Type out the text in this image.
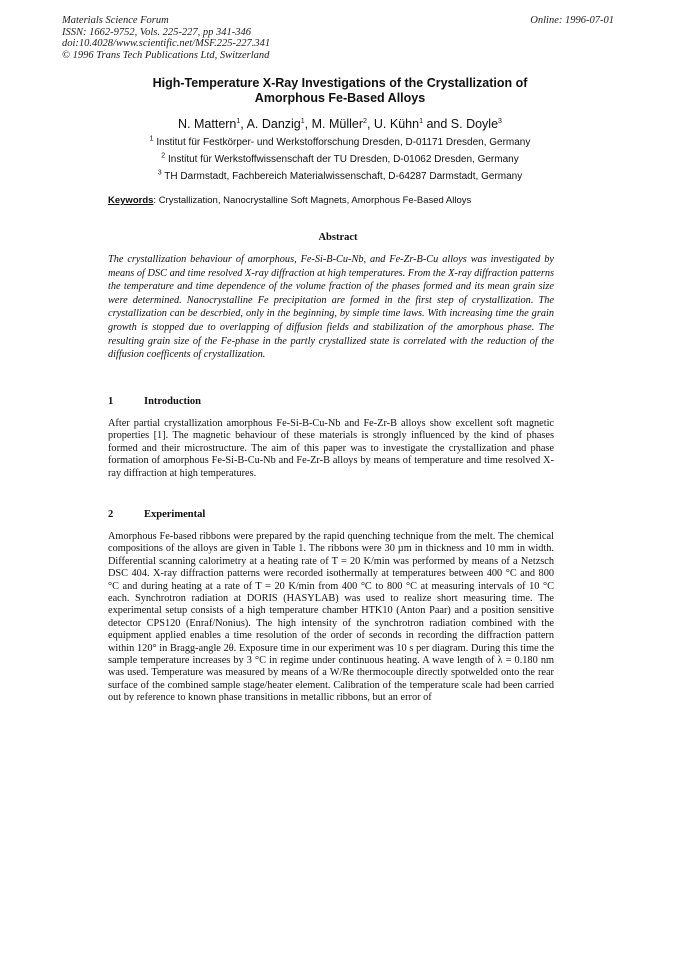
Materials Science Forum
ISSN: 1662-9752, Vols. 225-227, pp 341-346
doi:10.4028/www.scientific.net/MSF.225-227.341
© 1996 Trans Tech Publications Ltd, Switzerland
Online: 1996-07-01
High-Temperature X-Ray Investigations of the Crystallization of
Amorphous Fe-Based Alloys
N. Mattern$^1$, A. Danzig$^1$, M. Müller$^2$, U. Kühn$^1$ and S. Doyle$^3$
$^1$ Institut für Festkörper- und Werkstofforschung Dresden, D-01171 Dresden, Germany
$^2$ Institut für Werkstoffwissenschaft der TU Dresden, D-01062 Dresden, Germany
$^3$ TH Darmstadt, Fachbereich Materialwissenschaft, D-64287 Darmstadt, Germany
Keywords: Crystallization, Nanocrystalline Soft Magnets, Amorphous Fe-Based Alloys
Abstract
The crystallization behaviour of amorphous, Fe-Si-B-Cu-Nb, and Fe-Zr-B-Cu alloys was investigated by means of DSC and time resolved X-ray diffraction at high temperatures. From the X-ray diffraction patterns the temperature and time dependence of the volume fraction of the phases formed and its mean grain size were determined. Nanocrystalline Fe precipitation are formed in the first step of crystallization. The crystallization can be descrbied, only in the beginning, by simple time laws. With increasing time the grain growth is stopped due to overlapping of diffusion fields and stabilization of the amorphous phase. The resulting grain size of the Fe-phase in the partly crystallized state is correlated with the reduction of the diffusion coefficents of crystallization.
1	Introduction
After partial crystallization amorphous Fe-Si-B-Cu-Nb and Fe-Zr-B alloys show excellent soft magnetic properties [1]. The magnetic behaviour of these materials is strongly influenced by the kind of phases formed and their microstructure. The aim of this paper was to investigate the crystallization and phase formation of amorphous Fe-Si-B-Cu-Nb and Fe-Zr-B alloys by means of temperature and time resolved X-ray diffraction at high temperatures.
2	Experimental
Amorphous Fe-based ribbons were prepared by the rapid quenching technique from the melt. The chemical compositions of the alloys are given in Table 1. The ribbons were 30 µm in thickness and 10 mm in width. Differential scanning calorimetry at a heating rate of T = 20 K/min was performed by means of a Netzsch DSC 404. X-ray diffraction patterns were recorded isothermally at temperatures between 400 °C and 800 °C and during heating at a rate of T = 20 K/min from 400 °C to 800 °C at measuring intervals of 10 °C each. Synchrotron radiation at DORIS (HASYLAB) was used to realize short measuring time. The experimental setup consists of a high temperature chamber HTK10 (Anton Paar) and a position sensitive detector CPS120 (Enraf/Nonius). The high intensity of the synchrotron radiation combined with the equipment applied enables a time resolution of the order of seconds in recording the diffraction pattern within 120° in Bragg-angle 2θ. Exposure time in our experiment was 10 s per diagram. During this time the sample temperature increases by 3 °C in regime under continuous heating. A wave length of λ = 0.180 nm was used. Temperature was measured by means of a W/Re thermocouple directly spotwelded onto the rear surface of the combined sample stage/heater element. Calibration of the temperature scale had been carried out by reference to known phase transitions in metallic ribbons, but an error of
